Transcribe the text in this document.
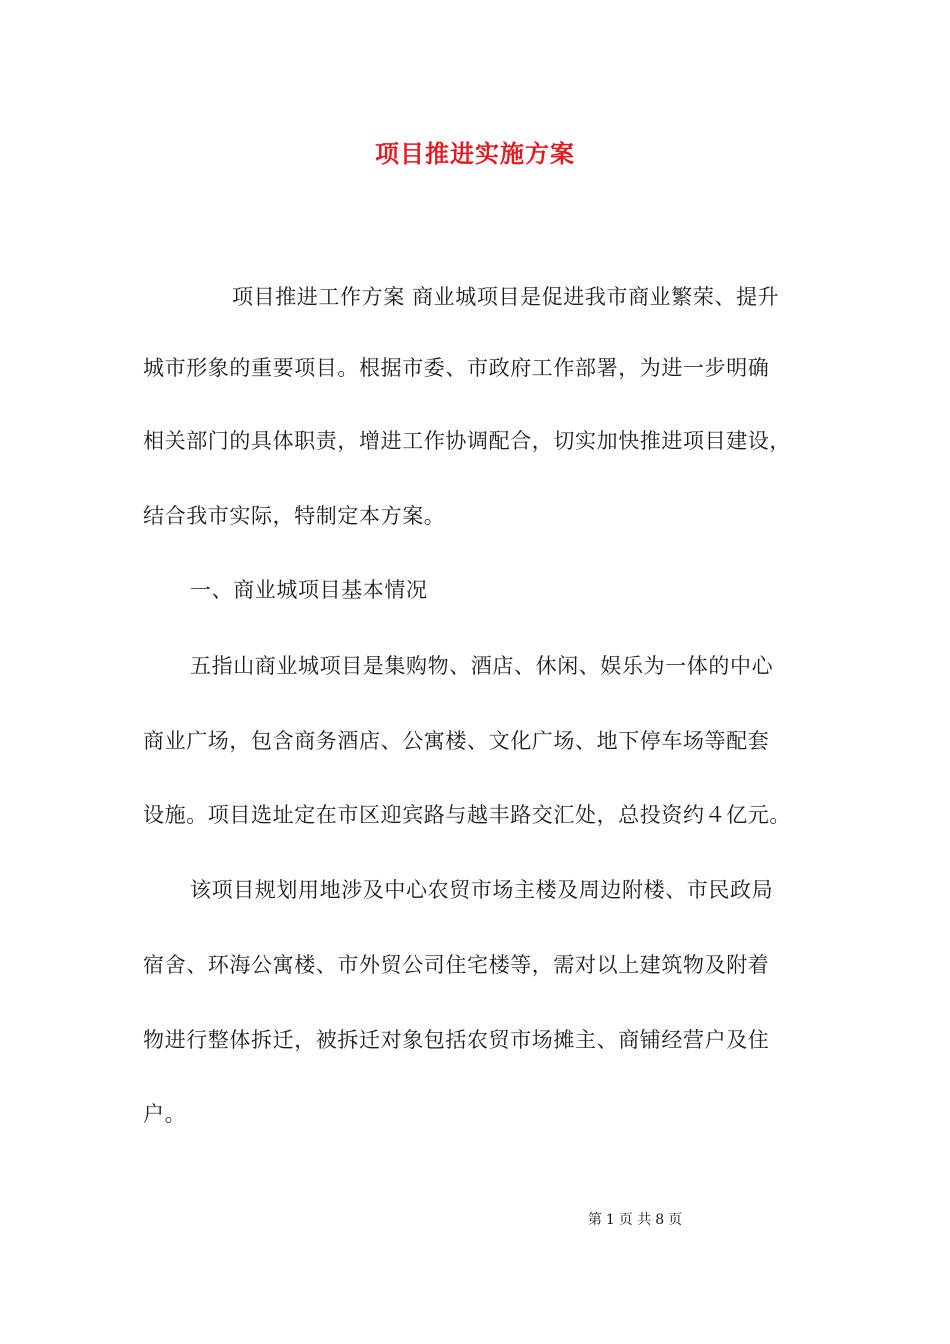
项目推进实施方案
项目推进工作方案 商业城项目是促进我市商业繁荣、提升
城市形象的重要项目。根据市委、市政府工作部署，为进一步明确
相关部门的具体职责，增进工作协调配合，切实加快推进项目建设，
结合我市实际，特制定本方案。
一、商业城项目基本情况
五指山商业城项目是集购物、酒店、休闲、娱乐为一体的中心
商业广场，包含商务酒店、公寓楼、文化广场、地下停车场等配套
设施。项目选址定在市区迎宾路与越丰路交汇处，总投资约４亿元。
该项目规划用地涉及中心农贸市场主楼及周边附楼、市民政局
宿舍、环海公寓楼、市外贸公司住宅楼等，需对以上建筑物及附着
物进行整体拆迁，被拆迁对象包括农贸市场摊主、商铺经营户及住
户。
第 1 页 共 8 页
